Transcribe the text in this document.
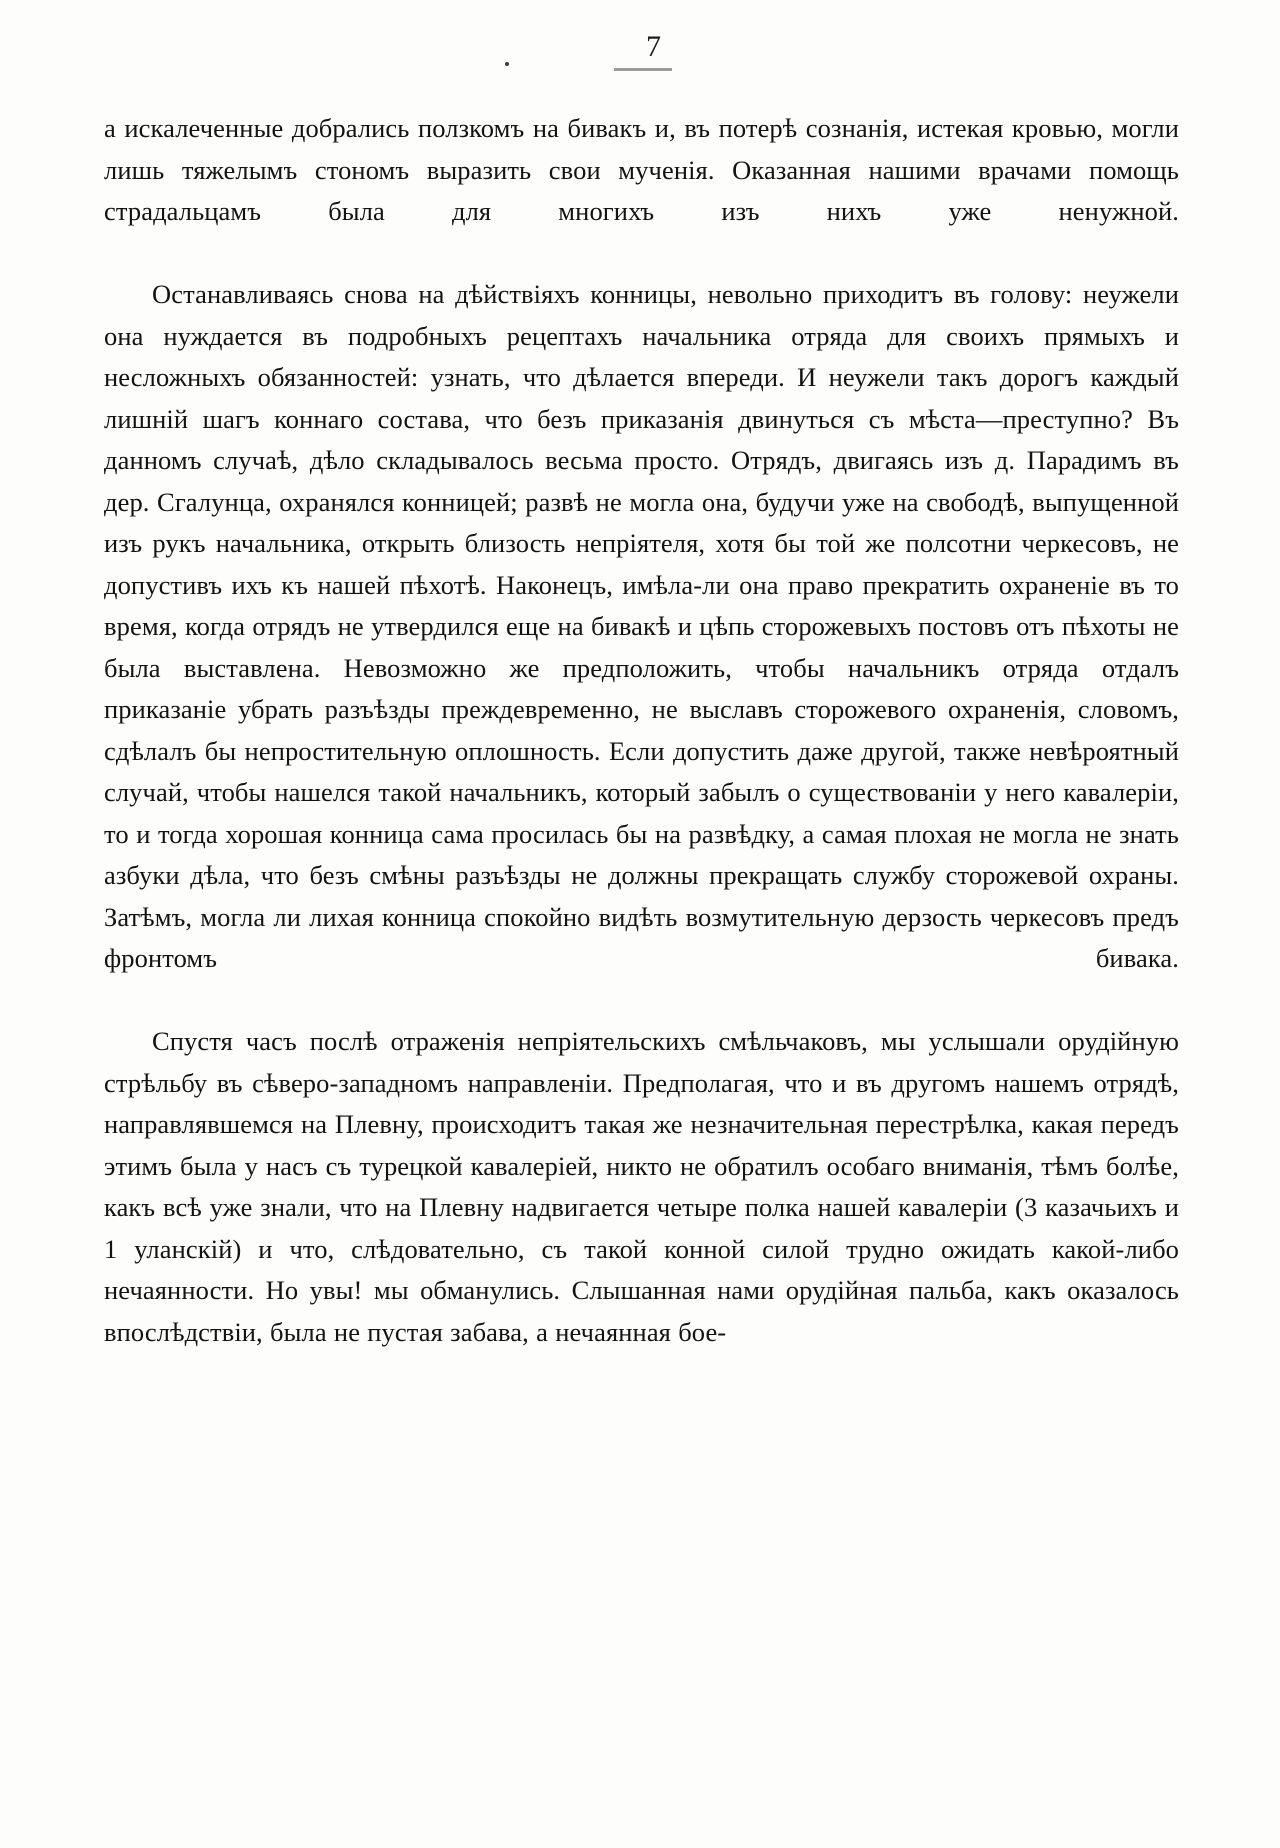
7

а искалеченные добрались ползкомъ на бивакъ и, въ потерѣ сознанія, истекая кровью, могли лишь тяжелымъ стономъ выразить свои мученія. Оказанная нашими врачами помощь страдальцамъ была для многихъ изъ нихъ уже ненужной.

Останавливаясь снова на дѣйствіяхъ конницы, невольно приходитъ въ голову: неужели она нуждается въ подробныхъ рецептахъ начальника отряда для своихъ прямыхъ и несложныхъ обязанностей: узнать, что дѣлается впереди. И неужели такъ дорогъ каждый лишній шагъ коннаго состава, что безъ приказанія двинуться съ мѣста—преступно? Въ данномъ случаѣ, дѣло складывалось весьма просто. Отрядъ, двигаясь изъ д. Парадимъ въ дер. Сгалунца, охранялся конницей; развѣ не могла она, будучи уже на свободѣ, выпущенной изъ рукъ начальника, открыть близость непріятеля, хотя бы той же полсотни черкесовъ, не допустивъ ихъ къ нашей пѣхотѣ. Наконецъ, имѣла-ли она право прекратить охраненіе въ то время, когда отрядъ не утвердился еще на бивакѣ и цѣпь сторожевыхъ постовъ отъ пѣхоты не была выставлена. Невозможно же предположить, чтобы начальникъ отряда отдалъ приказаніе убрать разъѣзды преждевременно, не выславъ сторожевого охраненія, словомъ, сдѣлалъ бы непростительную оплошность. Если допустить даже другой, также невѣроятный случай, чтобы нашелся такой начальникъ, который забылъ о существованіи у него кавалеріи, то и тогда хорошая конница сама просилась бы на развѣдку, а самая плохая не могла не знать азбуки дѣла, что безъ смѣны разъѣзды не должны прекращать службу сторожевой охраны. Затѣмъ, могла ли лихая конница спокойно видѣть возмутительную дерзость черкесовъ предъ фронтомъ бивака.

Спустя часъ послѣ отраженія непріятельскихъ смѣльчаковъ, мы услышали орудійную стрѣльбу въ сѣверо-западномъ направленіи. Предполагая, что и въ другомъ нашемъ отрядѣ, направлявшемся на Плевну, происходитъ такая же незначительная перестрѣлка, какая передъ этимъ была у насъ съ турецкой кавалеріей, никто не обратилъ особаго вниманія, тѣмъ болѣе, какъ всѣ уже знали, что на Плевну надвигается четыре полка нашей кавалеріи (3 казачьихъ и 1 уланскій) и что, слѣдовательно, съ такой конной силой трудно ожидать какой-либо нечаянности. Но увы! мы обманулись. Слышанная нами орудійная пальба, какъ оказалось впослѣдствіи, была не пустая забава, а нечаянная бое-
